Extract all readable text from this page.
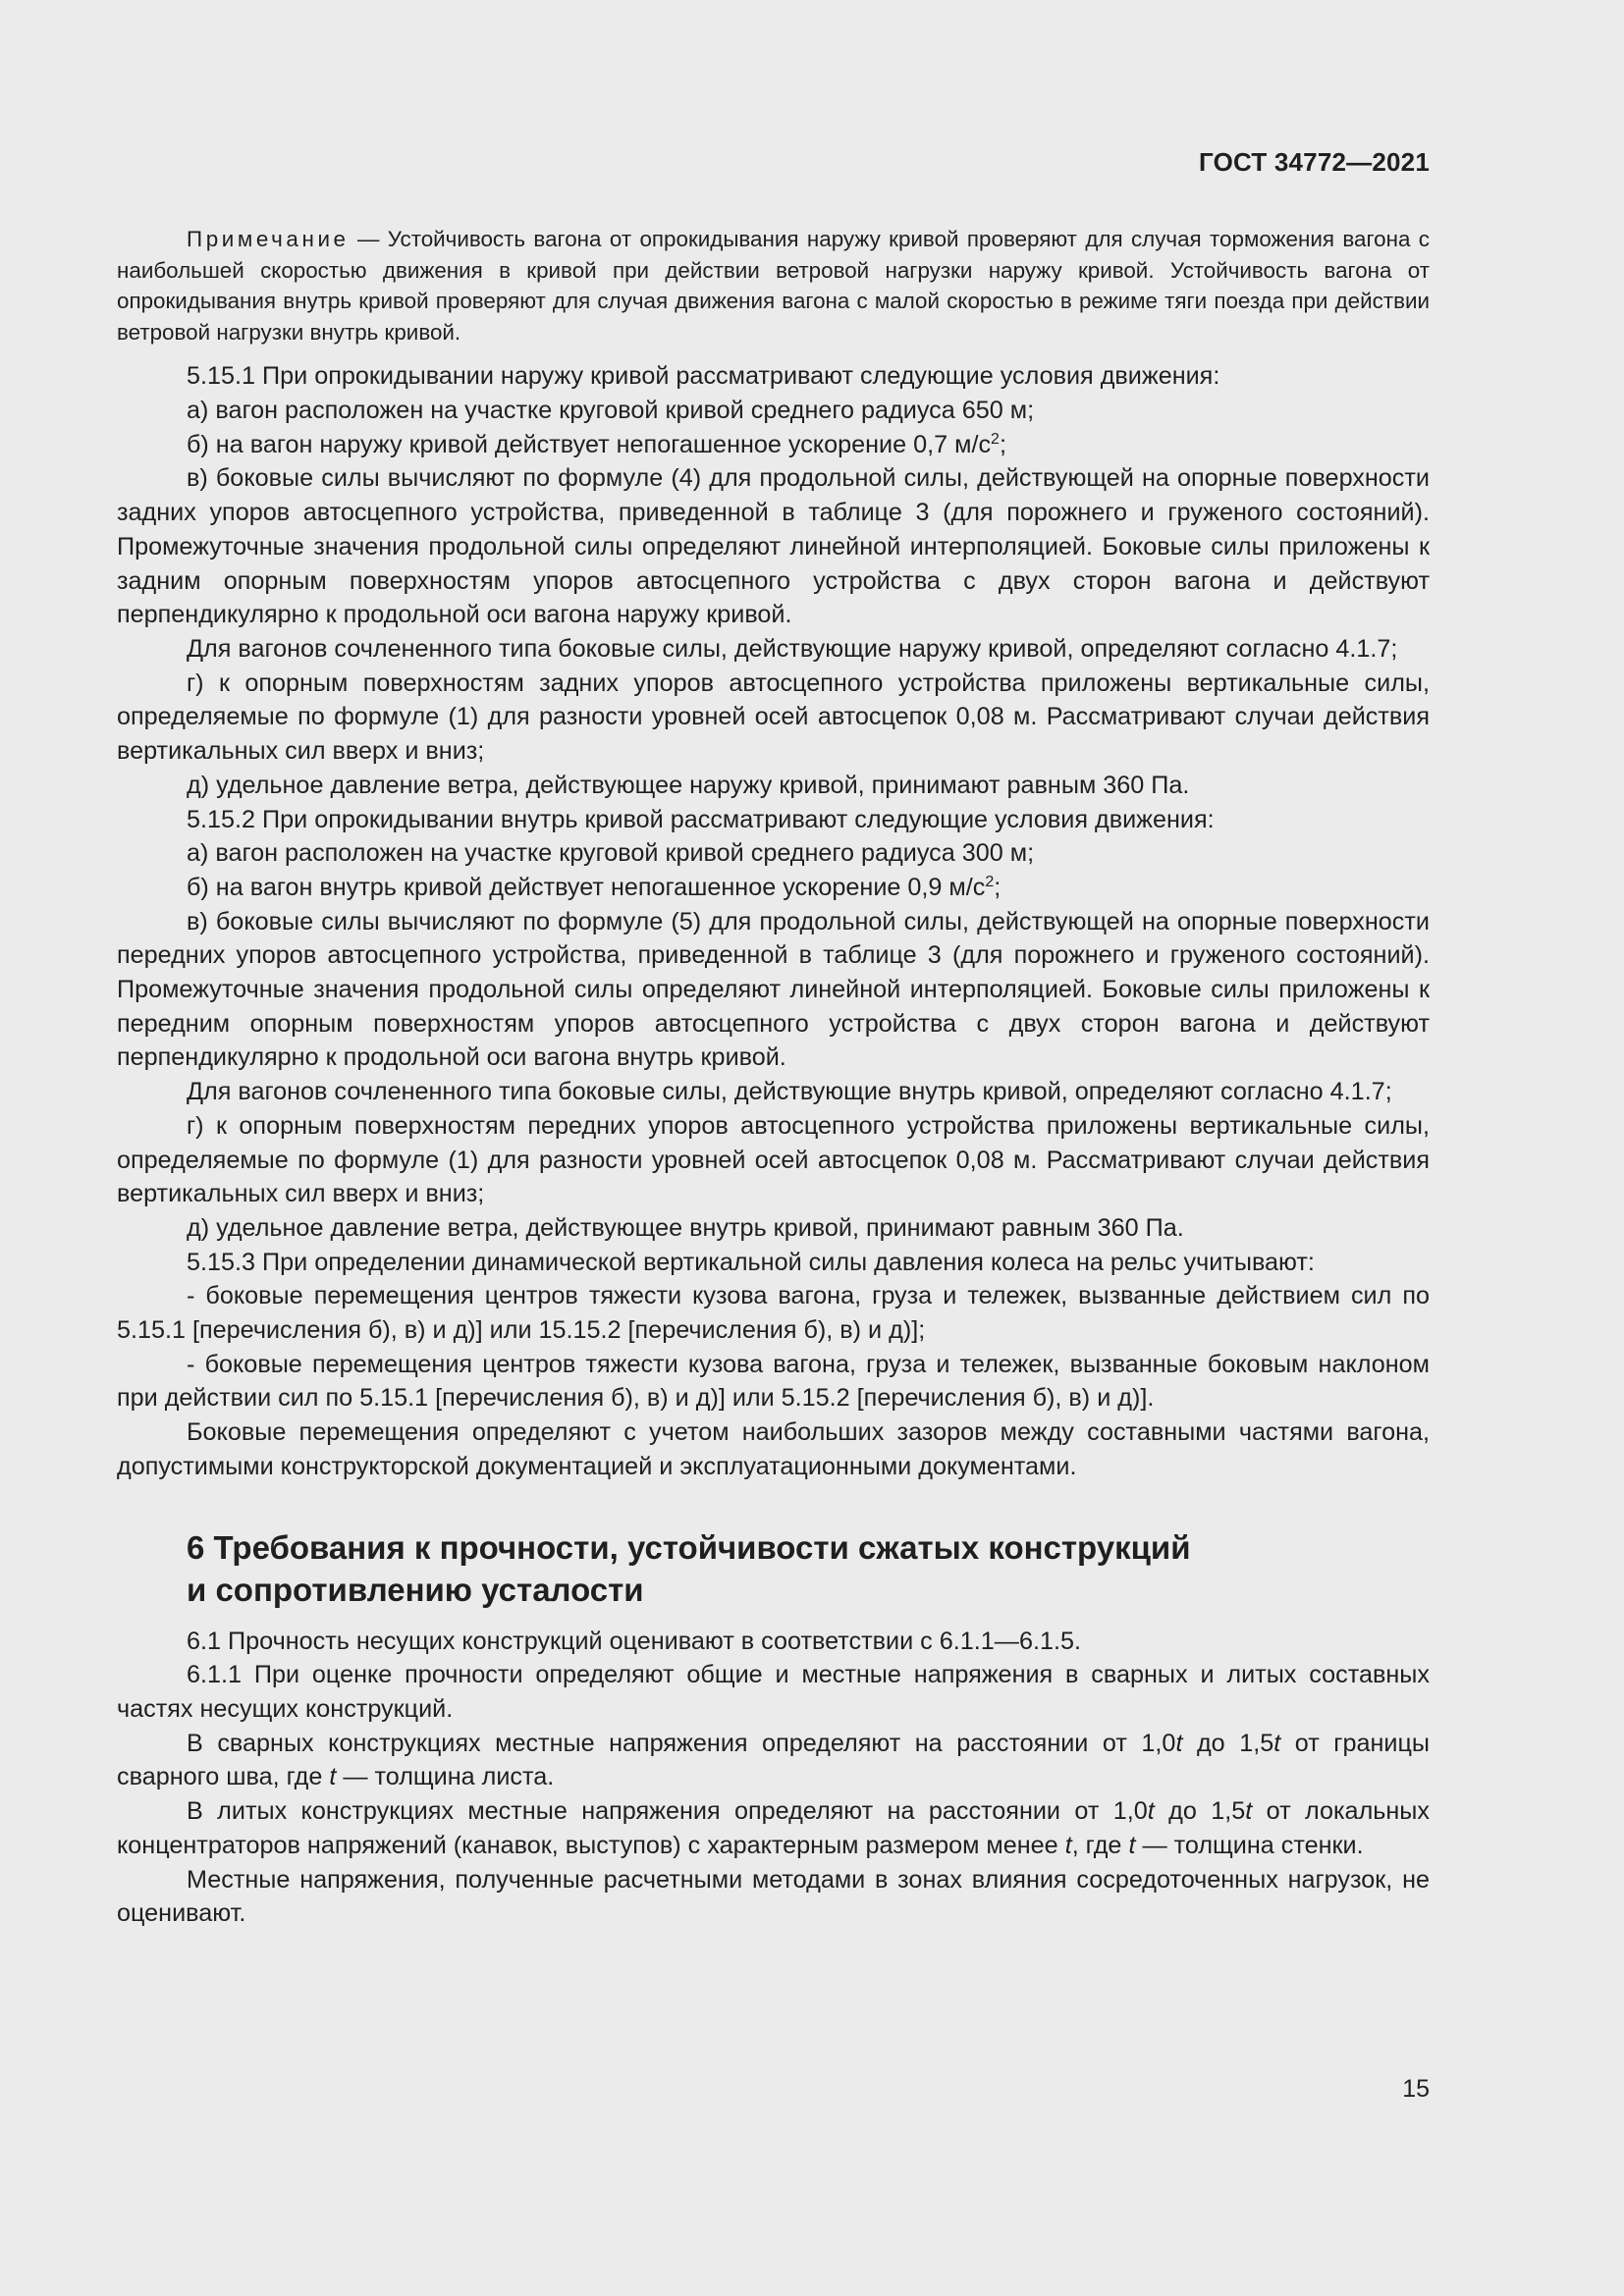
ГОСТ 34772—2021

Примечание — Устойчивость вагона от опрокидывания наружу кривой проверяют для случая торможения вагона с наибольшей скоростью движения в кривой при действии ветровой нагрузки наружу кривой. Устойчивость вагона от опрокидывания внутрь кривой проверяют для случая движения вагона с малой скоростью в режиме тяги поезда при действии ветровой нагрузки внутрь кривой.

5.15.1 При опрокидывании наружу кривой рассматривают следующие условия движения:

а) вагон расположен на участке круговой кривой среднего радиуса 650 м;

б) на вагон наружу кривой действует непогашенное ускорение 0,7 $м/с^2$;

в) боковые силы вычисляют по формуле (4) для продольной силы, действующей на опорные поверхности задних упоров автосцепного устройства, приведенной в таблице 3 (для порожнего и груженого состояний). Промежуточные значения продольной силы определяют линейной интерполяцией. Боковые силы приложены к задним опорным поверхностям упоров автосцепного устройства с двух сторон вагона и действуют перпендикулярно к продольной оси вагона наружу кривой.

Для вагонов сочлененного типа боковые силы, действующие наружу кривой, определяют согласно 4.1.7;

г) к опорным поверхностям задних упоров автосцепного устройства приложены вертикальные силы, определяемые по формуле (1) для разности уровней осей автосцепок 0,08 м. Рассматривают случаи действия вертикальных сил вверх и вниз;

д) удельное давление ветра, действующее наружу кривой, принимают равным 360 Па.

5.15.2 При опрокидывании внутрь кривой рассматривают следующие условия движения:

а) вагон расположен на участке круговой кривой среднего радиуса 300 м;

б) на вагон внутрь кривой действует непогашенное ускорение 0,9 $м/с^2$;

в) боковые силы вычисляют по формуле (5) для продольной силы, действующей на опорные поверхности передних упоров автосцепного устройства, приведенной в таблице 3 (для порожнего и груженого состояний). Промежуточные значения продольной силы определяют линейной интерполяцией. Боковые силы приложены к передним опорным поверхностям упоров автосцепного устройства с двух сторон вагона и действуют перпендикулярно к продольной оси вагона внутрь кривой.

Для вагонов сочлененного типа боковые силы, действующие внутрь кривой, определяют согласно 4.1.7;

г) к опорным поверхностям передних упоров автосцепного устройства приложены вертикальные силы, определяемые по формуле (1) для разности уровней осей автосцепок 0,08 м. Рассматривают случаи действия вертикальных сил вверх и вниз;

д) удельное давление ветра, действующее внутрь кривой, принимают равным 360 Па.

5.15.3 При определении динамической вертикальной силы давления колеса на рельс учитывают:

- боковые перемещения центров тяжести кузова вагона, груза и тележек, вызванные действием сил по 5.15.1 [перечисления б), в) и д)] или 15.15.2 [перечисления б), в) и д)];

- боковые перемещения центров тяжести кузова вагона, груза и тележек, вызванные боковым наклоном при действии сил по 5.15.1 [перечисления б), в) и д)] или 5.15.2 [перечисления б), в) и д)].

Боковые перемещения определяют с учетом наибольших зазоров между составными частями вагона, допустимыми конструкторской документацией и эксплуатационными документами.

6 Требования к прочности, устойчивости сжатых конструкций
и сопротивлению усталости

6.1 Прочность несущих конструкций оценивают в соответствии с 6.1.1—6.1.5.

6.1.1 При оценке прочности определяют общие и местные напряжения в сварных и литых составных частях несущих конструкций.

В сварных конструкциях местные напряжения определяют на расстоянии от 1,0t до 1,5t от границы сварного шва, где t — толщина листа.

В литых конструкциях местные напряжения определяют на расстоянии от 1,0t до 1,5t от локальных концентраторов напряжений (канавок, выступов) с характерным размером менее t, где t — толщина стенки.

Местные напряжения, полученные расчетными методами в зонах влияния сосредоточенных нагрузок, не оценивают.

15
